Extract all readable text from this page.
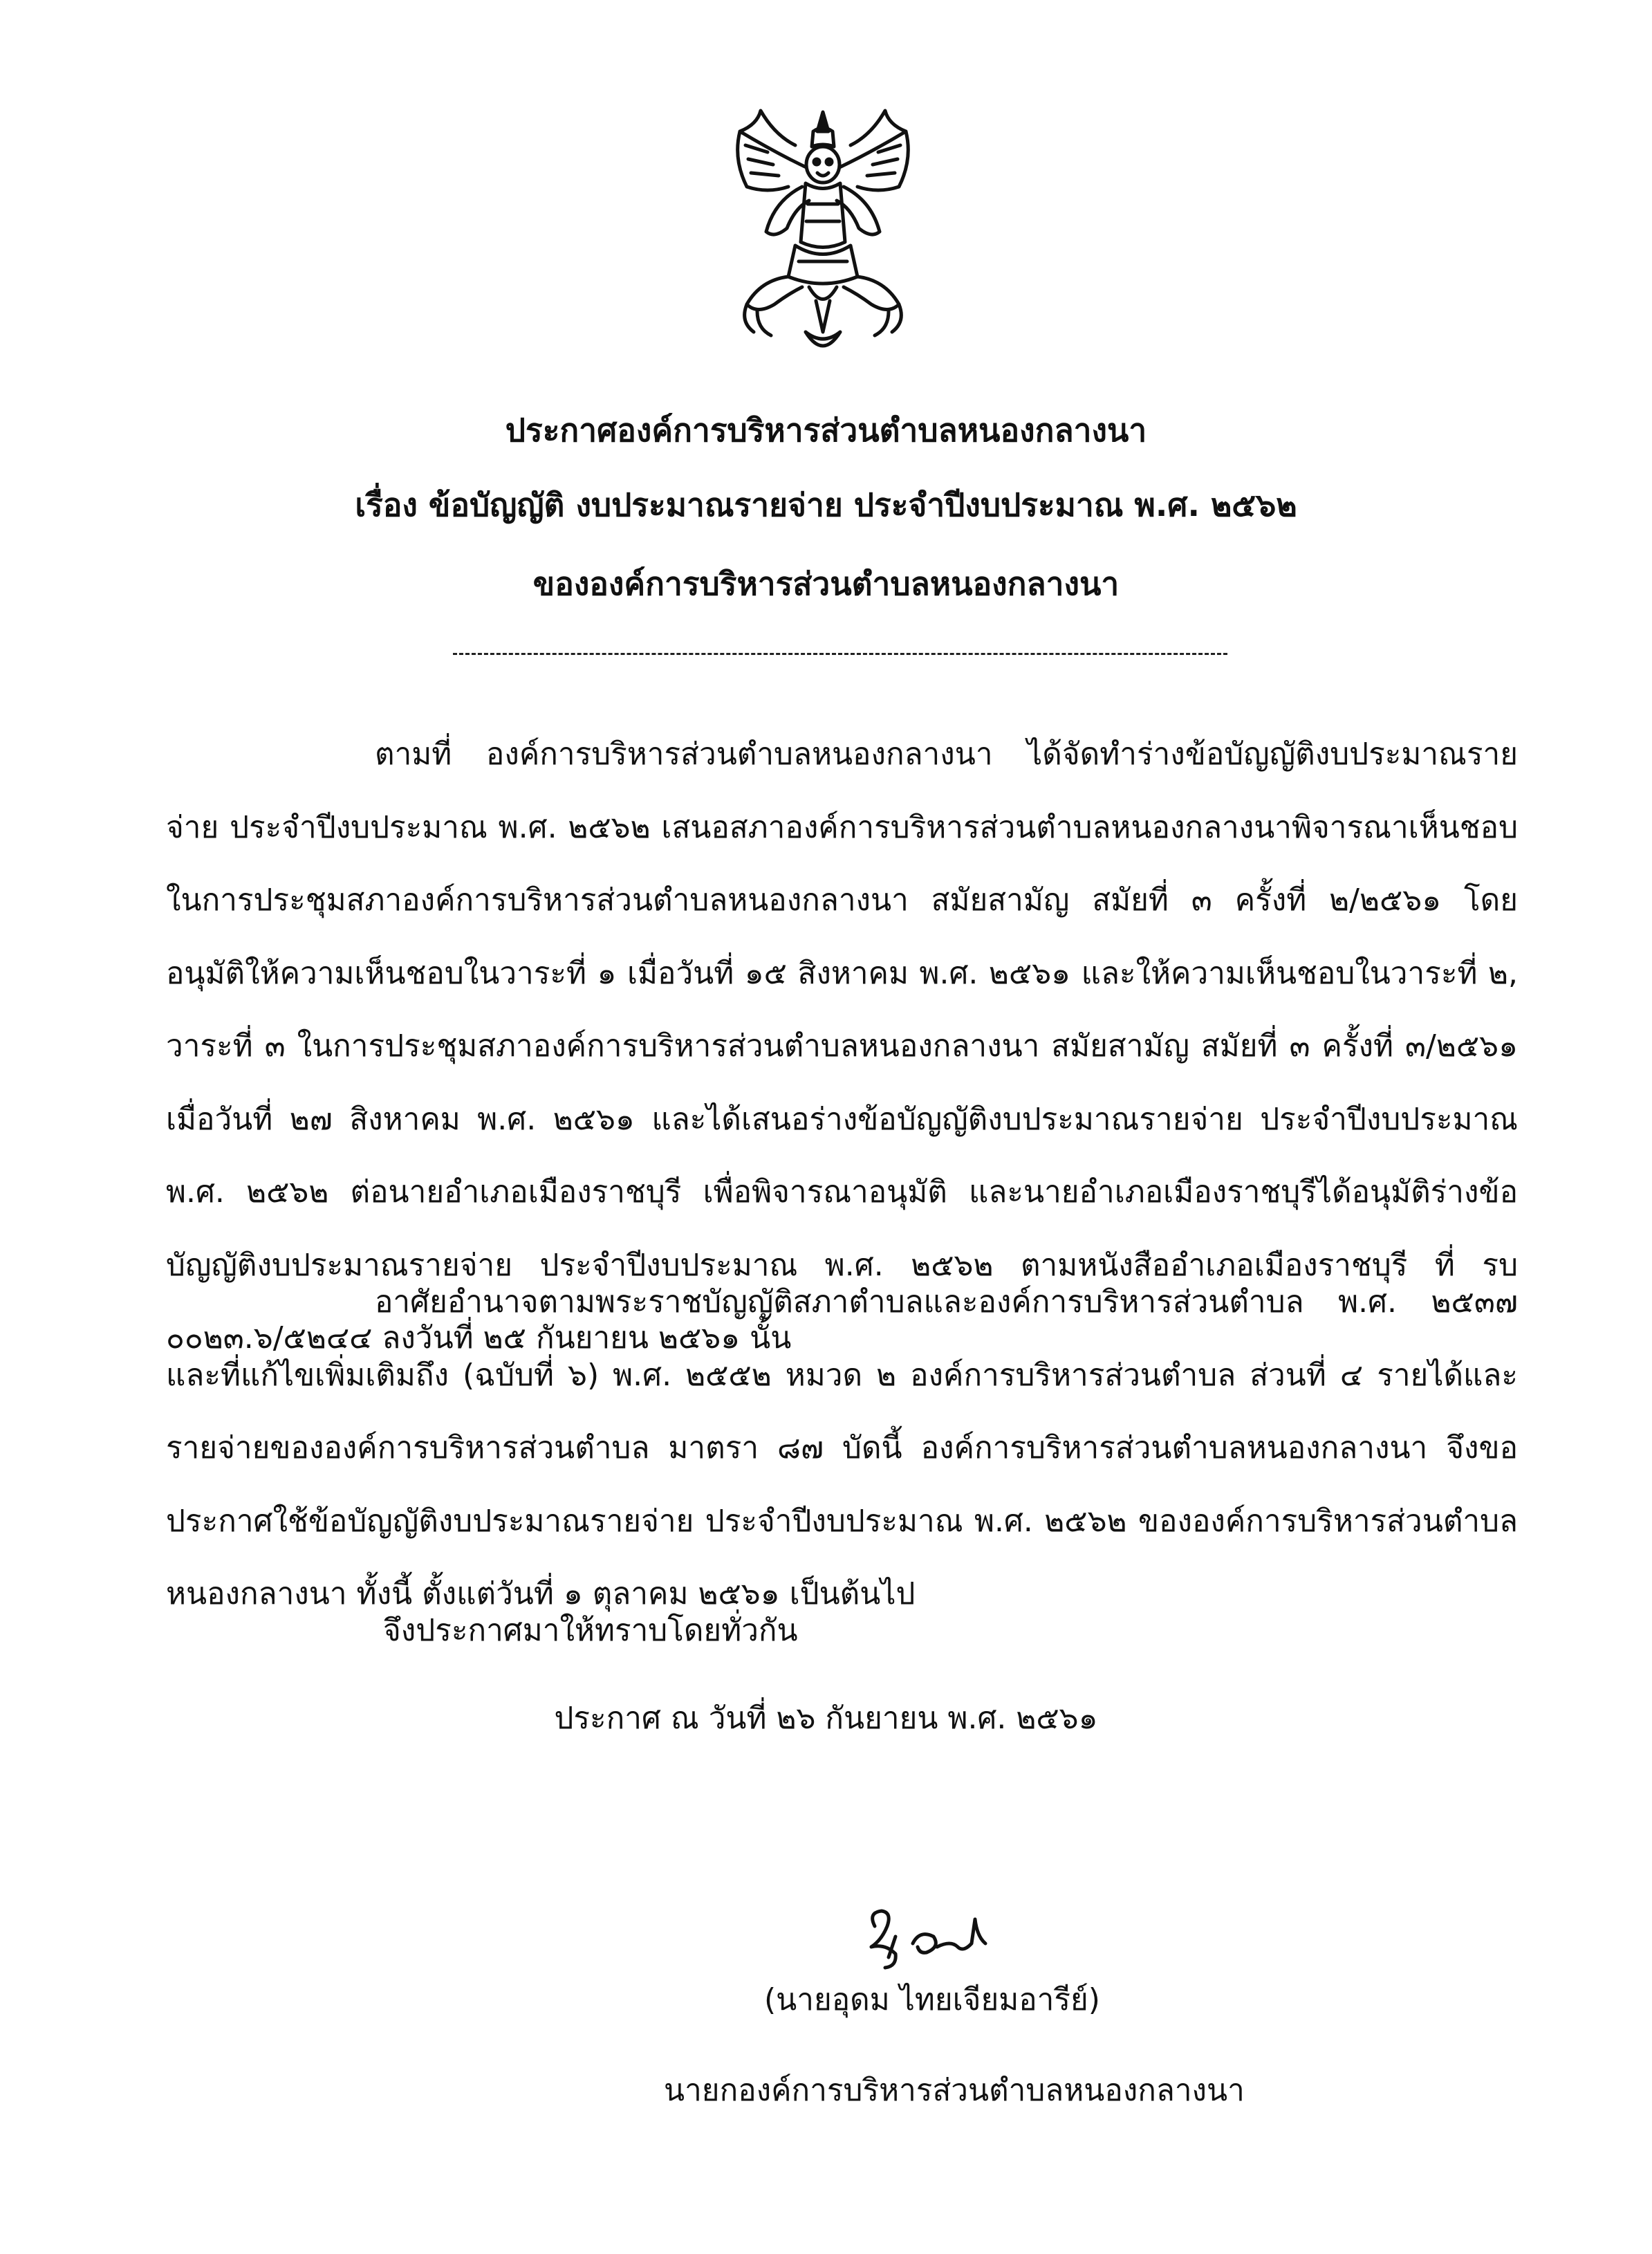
ประกาศองค์การบริหารส่วนตำบลหนองกลางนา
เรื่อง ข้อบัญญัติ งบประมาณรายจ่าย ประจำปีงบประมาณ พ.ศ. ๒๕๖๒
ขององค์การบริหารส่วนตำบลหนองกลางนา
ตามที่ องค์การบริหารส่วนตำบลหนองกลางนา ได้จัดทำร่างข้อบัญญัติงบประมาณรายจ่าย ประจำปีงบประมาณ พ.ศ. ๒๕๖๒ เสนอสภาองค์การบริหารส่วนตำบลหนองกลางนาพิจารณาเห็นชอบในการประชุมสภาองค์การบริหารส่วนตำบลหนองกลางนา สมัยสามัญ สมัยที่ ๓ ครั้งที่ ๒/๒๕๖๑ โดยอนุมัติให้ความเห็นชอบในวาระที่ ๑ เมื่อวันที่ ๑๕ สิงหาคม พ.ศ. ๒๕๖๑ และให้ความเห็นชอบในวาระที่ ๒, วาระที่ ๓ ในการประชุมสภาองค์การบริหารส่วนตำบลหนองกลางนา สมัยสามัญ สมัยที่ ๓ ครั้งที่ ๓/๒๕๖๑ เมื่อวันที่ ๒๗ สิงหาคม พ.ศ. ๒๕๖๑ และได้เสนอร่างข้อบัญญัติงบประมาณรายจ่าย ประจำปีงบประมาณ พ.ศ. ๒๕๖๒ ต่อนายอำเภอเมืองราชบุรี เพื่อพิจารณาอนุมัติ และนายอำเภอเมืองราชบุรีได้อนุมัติร่างข้อบัญญัติงบประมาณรายจ่าย ประจำปีงบประมาณ พ.ศ. ๒๕๖๒ ตามหนังสืออำเภอเมืองราชบุรี ที่ รบ ๐๐๒๓.๖/๕๒๔๔ ลงวันที่ ๒๕ กันยายน ๒๕๖๑ นั้น
อาศัยอำนาจตามพระราชบัญญัติสภาตำบลและองค์การบริหารส่วนตำบล พ.ศ. ๒๕๓๗ และที่แก้ไขเพิ่มเติมถึง (ฉบับที่ ๖) พ.ศ. ๒๕๕๒ หมวด ๒ องค์การบริหารส่วนตำบล ส่วนที่ ๔ รายได้และรายจ่ายขององค์การบริหารส่วนตำบล มาตรา ๘๗ บัดนี้ องค์การบริหารส่วนตำบลหนองกลางนา จึงขอประกาศใช้ข้อบัญญัติงบประมาณรายจ่าย ประจำปีงบประมาณ พ.ศ. ๒๕๖๒ ขององค์การบริหารส่วนตำบลหนองกลางนา ทั้งนี้ ตั้งแต่วันที่ ๑ ตุลาคม ๒๕๖๑ เป็นต้นไป
จึงประกาศมาให้ทราบโดยทั่วกัน
ประกาศ ณ วันที่ ๒๖ กันยายน พ.ศ. ๒๕๖๑
(นายอุดม ไทยเจียมอารีย์)
นายกองค์การบริหารส่วนตำบลหนองกลางนา
